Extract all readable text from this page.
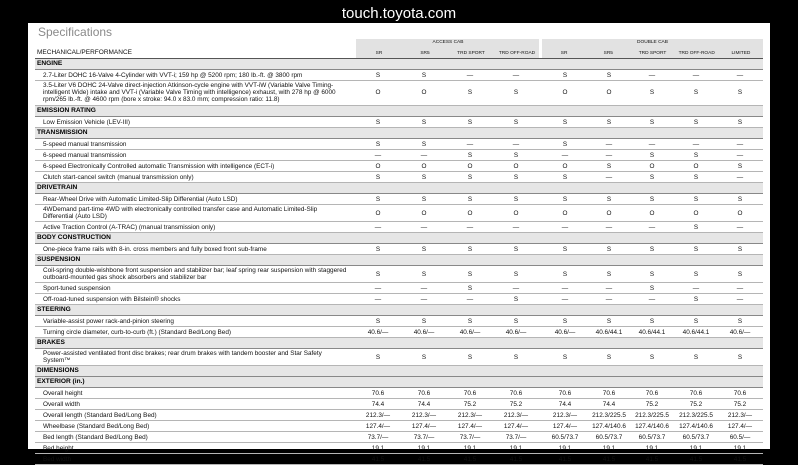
touch.toyota.com
Specifications
MECHANICAL/PERFORMANCE
ACCESS CAB
SR	SR5	TRD SPORT	TRD OFF-ROAD
DOUBLE CAB
SR	SR5	TRD SPORT	TRD OFF-ROAD	LIMITED
ENGINE
2.7-Liter DOHC 16-Valve 4-Cylinder with VVT-i; 159 hp @ 5200 rpm; 180 lb.-ft. @ 3800 rpm	S	S	—	—	S	S	—	—	—
3.5-Liter V6 DOHC 24-Valve direct-injection Atkinson-cycle engine with VVT-iW (Variable Valve Timing-intelligent Wide) intake and VVT-i (Variable Valve Timing with intelligence) exhaust, with 278 hp @ 6000 rpm/265 lb.-ft. @ 4600 rpm (bore x stroke: 94.0 x 83.0 mm; compression ratio: 11.8)
O	O	S	S	O	O	S	S	S
EMISSION RATING
Low Emission Vehicle (LEV-III)	S	S	S	S	S	S	S	S	S
TRANSMISSION
5-speed manual transmission	S	S	—	—	S	—	—	—	—
6-speed manual transmission	—	—	S	S	—	—	S	S	—
6-speed Electronically Controlled automatic Transmission with intelligence (ECT-i)	O	O	O	O	O	S	O	O	S
Clutch start-cancel switch (manual transmission only)	S	S	S	S	S	—	S	S	—
DRIVETRAIN
Rear-Wheel Drive with Automatic Limited-Slip Differential (Auto LSD)	S	S	S	S	S	S	S	S	S
4WDemand part-time 4WD with electronically controlled transfer case and Automatic Limited-Slip Differential (Auto LSD)
O	O	O	O	O	O	O	O	O
Active Traction Control (A-TRAC) (manual transmission only)	—	—	—	—	—	—	—	S	—
BODY CONSTRUCTION
One-piece frame rails with 8-in. cross members and fully boxed front sub-frame	S	S	S	S	S	S	S	S	S
SUSPENSION
Coil-spring double-wishbone front suspension and stabilizer bar; leaf spring rear suspension with staggered outboard-mounted gas shock absorbers and stabilizer bar
S	S	S	S	S	S	S	S	S
Sport-tuned suspension	—	—	S	—	—	—	S	—	—
Off-road-tuned suspension with Bilstein® shocks	—	—	—	S	—	—	—	S	—
STEERING
Variable-assist power rack-and-pinion steering	S	S	S	S	S	S	S	S	S
Turning circle diameter, curb-to-curb (ft.) (Standard Bed/Long Bed)	40.6/—	40.6/—	40.6/—	40.6/—	40.6/—	40.6/44.1	40.6/44.1	40.6/44.1	40.6/—
BRAKES
Power-assisted ventilated front disc brakes; rear drum brakes with tandem booster and Star Safety System™
S	S	S	S	S	S	S	S	S
DIMENSIONS
EXTERIOR (in.)
Overall height	70.6	70.6	70.6	70.6	70.6	70.6	70.6	70.6	70.6
Overall width	74.4	74.4	75.2	75.2	74.4	74.4	75.2	75.2	75.2
Overall length (Standard Bed/Long Bed)	212.3/—	212.3/—	212.3/—	212.3/—	212.3/—	212.3/225.5	212.3/225.5	212.3/225.5	212.3/—
Wheelbase (Standard Bed/Long Bed)	127.4/—	127.4/—	127.4/—	127.4/—	127.4/—	127.4/140.6	127.4/140.6	127.4/140.6	127.4/—
Bed length (Standard Bed/Long Bed)	73.7/—	73.7/—	73.7/—	73.7/—	60.5/73.7	60.5/73.7	60.5/73.7	60.5/73.7	60.5/—
Bed height	19.1	19.1	19.1	19.1	19.1	19.1	19.1	19.1	19.1
Bed width	41.5	41.5	41.5	41.5	41.5	41.5	41.5	41.5	41.5
